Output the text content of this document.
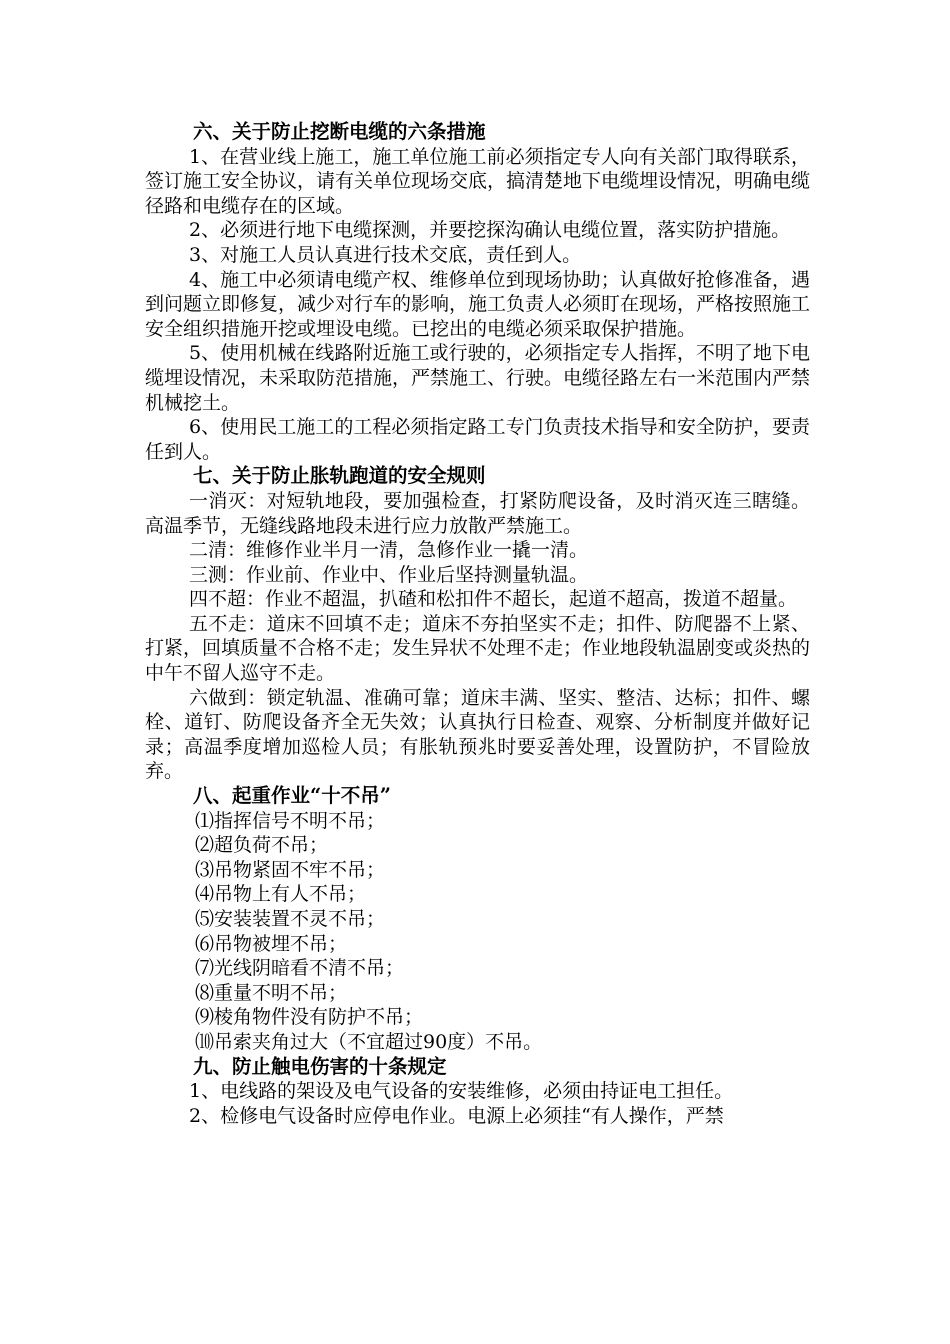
六、关于防止挖断电缆的六条措施

1、在营业线上施工，施工单位施工前必须指定专人向有关部门取得联系，签订施工安全协议，请有关单位现场交底，搞清楚地下电缆埋设情况，明确电缆径路和电缆存在的区域。

2、必须进行地下电缆探测，并要挖探沟确认电缆位置，落实防护措施。

3、对施工人员认真进行技术交底，责任到人。

4、施工中必须请电缆产权、维修单位到现场协助；认真做好抢修准备，遇到问题立即修复，减少对行车的影响，施工负责人必须盯在现场，严格按照施工安全组织措施开挖或埋设电缆。已挖出的电缆必须采取保护措施。

5、使用机械在线路附近施工或行驶的，必须指定专人指挥，不明了地下电缆埋设情况，未采取防范措施，严禁施工、行驶。电缆径路左右一米范围内严禁机械挖土。

6、使用民工施工的工程必须指定路工专门负责技术指导和安全防护，要责任到人。

七、关于防止胀轨跑道的安全规则

一消灭：对短轨地段，要加强检查，打紧防爬设备，及时消灭连三瞎缝。高温季节，无缝线路地段未进行应力放散严禁施工。

二清：维修作业半月一清，急修作业一撬一清。

三测：作业前、作业中、作业后坚持测量轨温。

四不超：作业不超温，扒碴和松扣件不超长，起道不超高，拨道不超量。

五不走：道床不回填不走；道床不夯拍坚实不走；扣件、防爬器不上紧、打紧，回填质量不合格不走；发生异状不处理不走；作业地段轨温剧变或炎热的中午不留人巡守不走。

六做到：锁定轨温、准确可靠；道床丰满、坚实、整洁、达标；扣件、螺栓、道钉、防爬设备齐全无失效；认真执行日检查、观察、分析制度并做好记录；高温季度增加巡检人员；有胀轨预兆时要妥善处理，设置防护，不冒险放弃。

八、起重作业“十不吊”

⑴指挥信号不明不吊；

⑵超负荷不吊；

⑶吊物紧固不牢不吊；

⑷吊物上有人不吊；

⑸安装装置不灵不吊；

⑹吊物被埋不吊；

⑺光线阴暗看不清不吊；

⑻重量不明不吊；

⑼棱角物件没有防护不吊；

⑽吊索夹角过大（不宜超过90度）不吊。

九、防止触电伤害的十条规定

1、电线路的架设及电气设备的安装维修，必须由持证电工担任。

2、检修电气设备时应停电作业。电源上必须挂“有人操作，严禁
